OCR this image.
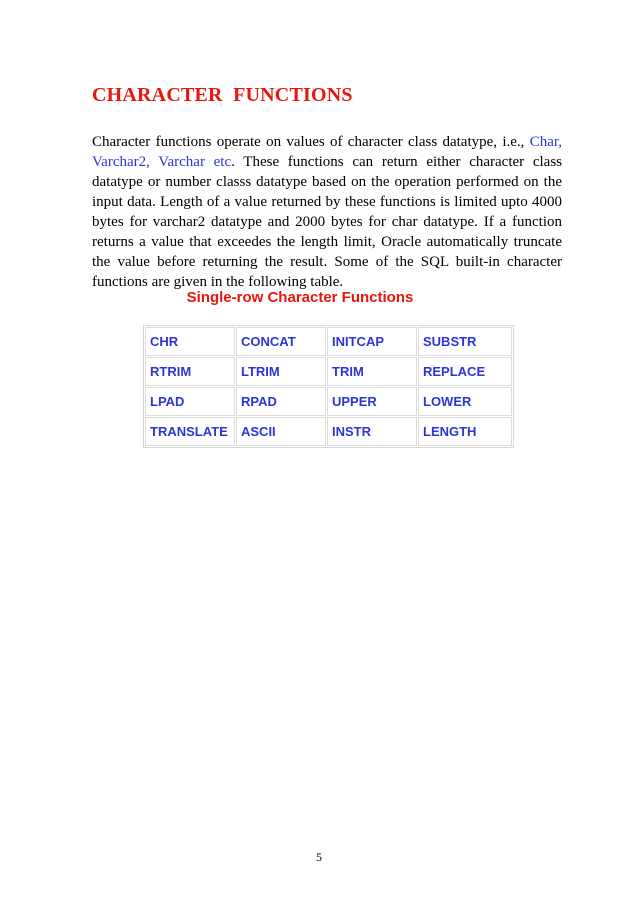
CHARACTER  FUNCTIONS

Character functions operate on values of character class datatype, i.e., Char, Varchar2, Varchar etc. These functions can return either character class datatype or number classs datatype based on the operation performed on the input data. Length of a value returned by these functions is limited upto 4000 bytes for varchar2 datatype and 2000 bytes for char datatype. If a function returns a value that exceedes the length limit, Oracle automatically truncate the value before returning the result. Some of the SQL built-in character functions are given in the following table.

Single-row Character Functions
CHR	CONCAT	INITCAP	SUBSTR
RTRIM	LTRIM	TRIM	REPLACE
LPAD	RPAD	UPPER	LOWER
TRANSLATE	ASCII	INSTR	LENGTH
5
